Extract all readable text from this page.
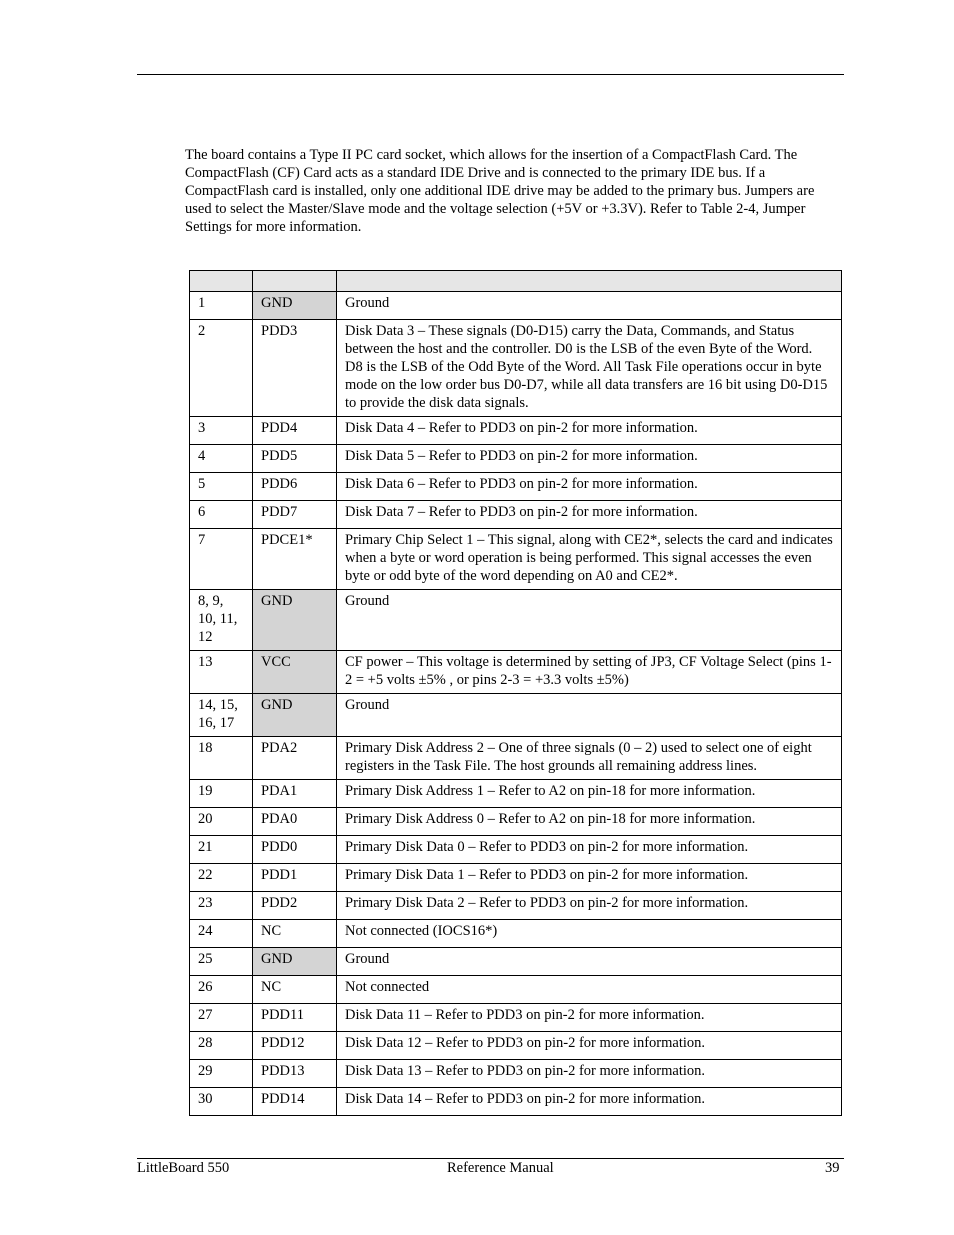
The board contains a Type II PC card socket, which allows for the insertion of a CompactFlash Card. The CompactFlash (CF) Card acts as a standard IDE Drive and is connected to the primary IDE bus. If a CompactFlash card is installed, only one additional IDE drive may be added to the primary bus. Jumpers are used to select the Master/Slave mode and the voltage selection (+5V or +3.3V). Refer to Table 2-4, Jumper Settings for more information.

1	GND	Ground
2	PDD3	Disk Data 3 – These signals (D0-D15) carry the Data, Commands, and Status between the host and the controller. D0 is the LSB of the even Byte of the Word. D8 is the LSB of the Odd Byte of the Word. All Task File operations occur in byte mode on the low order bus D0-D7, while all data transfers are 16 bit using D0-D15 to provide the disk data signals.
3	PDD4	Disk Data 4 – Refer to PDD3 on pin-2 for more information.
4	PDD5	Disk Data 5 – Refer to PDD3 on pin-2 for more information.
5	PDD6	Disk Data 6 – Refer to PDD3 on pin-2 for more information.
6	PDD7	Disk Data 7 – Refer to PDD3 on pin-2 for more information.
7	PDCE1*	Primary Chip Select 1 – This signal, along with CE2*, selects the card and indicates when a byte or word operation is being performed. This signal accesses the even byte or odd byte of the word depending on A0 and CE2*.
8, 9, 10, 11, 12	GND	Ground
13	VCC	CF power – This voltage is determined by setting of JP3, CF Voltage Select (pins 1-2 = +5 volts ±5% , or pins 2-3 = +3.3 volts ±5%)
14, 15, 16, 17	GND	Ground
18	PDA2	Primary Disk Address 2 – One of three signals (0 – 2) used to select one of eight registers in the Task File. The host grounds all remaining address lines.
19	PDA1	Primary Disk Address 1 – Refer to A2 on pin-18 for more information.
20	PDA0	Primary Disk Address 0 – Refer to A2 on pin-18 for more information.
21	PDD0	Primary Disk Data 0 – Refer to PDD3 on pin-2 for more information.
22	PDD1	Primary Disk Data 1 – Refer to PDD3 on pin-2 for more information.
23	PDD2	Primary Disk Data 2 – Refer to PDD3 on pin-2 for more information.
24	NC	Not connected (IOCS16*)
25	GND	Ground
26	NC	Not connected
27	PDD11	Disk Data 11 – Refer to PDD3 on pin-2 for more information.
28	PDD12	Disk Data 12 – Refer to PDD3 on pin-2 for more information.
29	PDD13	Disk Data 13 – Refer to PDD3 on pin-2 for more information.
30	PDD14	Disk Data 14 – Refer to PDD3 on pin-2 for more information.
LittleBoard 550	Reference Manual	39
